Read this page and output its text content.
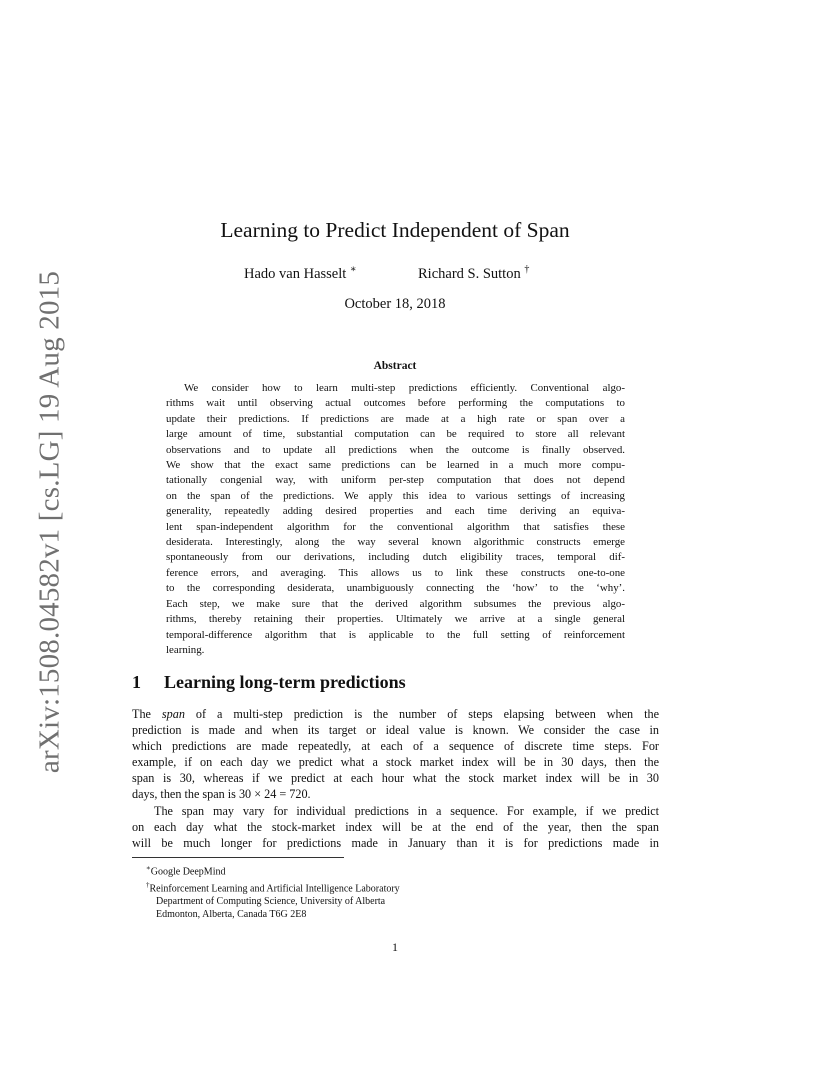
arXiv:1508.04582v1 [cs.LG] 19 Aug 2015
Learning to Predict Independent of Span
Hado van Hasselt ∗	Richard S. Sutton †
October 18, 2018
Abstract
We consider how to learn multi-step predictions efficiently. Conventional algo-
rithms wait until observing actual outcomes before performing the computations to
update their predictions. If predictions are made at a high rate or span over a
large amount of time, substantial computation can be required to store all relevant
observations and to update all predictions when the outcome is finally observed.
We show that the exact same predictions can be learned in a much more compu-
tationally congenial way, with uniform per-step computation that does not depend
on the span of the predictions. We apply this idea to various settings of increasing
generality, repeatedly adding desired properties and each time deriving an equiva-
lent span-independent algorithm for the conventional algorithm that satisfies these
desiderata. Interestingly, along the way several known algorithmic constructs emerge
spontaneously from our derivations, including dutch eligibility traces, temporal dif-
ference errors, and averaging. This allows us to link these constructs one-to-one
to the corresponding desiderata, unambiguously connecting the ‘how’ to the ‘why’.
Each step, we make sure that the derived algorithm subsumes the previous algo-
rithms, thereby retaining their properties. Ultimately we arrive at a single general
temporal-difference algorithm that is applicable to the full setting of reinforcement
learning.
1 Learning long-term predictions
The span of a multi-step prediction is the number of steps elapsing between when the
prediction is made and when its target or ideal value is known. We consider the case in
which predictions are made repeatedly, at each of a sequence of discrete time steps. For
example, if on each day we predict what a stock market index will be in 30 days, then the
span is 30, whereas if we predict at each hour what the stock market index will be in 30
days, then the span is 30 × 24 = 720.
The span may vary for individual predictions in a sequence. For example, if we predict
on each day what the stock-market index will be at the end of the year, then the span
will be much longer for predictions made in January than it is for predictions made in
∗Google DeepMind
†Reinforcement Learning and Artificial Intelligence Laboratory
Department of Computing Science, University of Alberta
Edmonton, Alberta, Canada T6G 2E8
1
